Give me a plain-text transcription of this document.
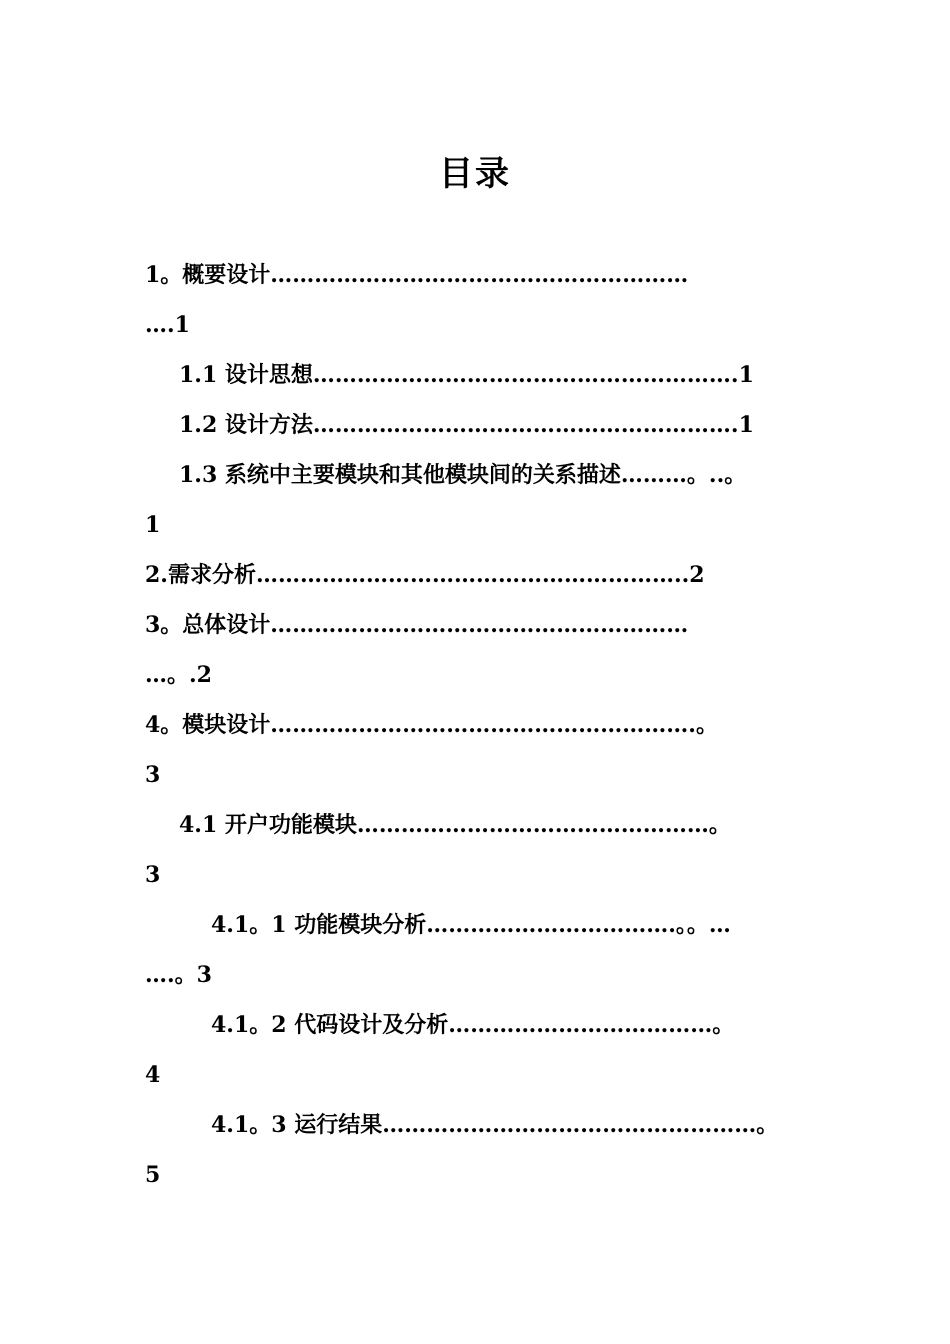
目录
1。概要设计…………………………………………………
….1
1.1 设计思想………………………………………………….1
1.2 设计方法………………………………………………….1
1.3 系统中主要模块和其他模块间的关系描述………。..。
1
2.需求分析…………………………………………………..2
3。总体设计…………………………………………………
…。.2
4。模块设计………………………………………………….。
3
4.1 开户功能模块…………………………………………。
3
4.1。1 功能模块分析…………………………….。。…
….。3
4.1。2 代码设计及分析………………………………。
4
4.1。3 运行结果……………………………………………。
5
